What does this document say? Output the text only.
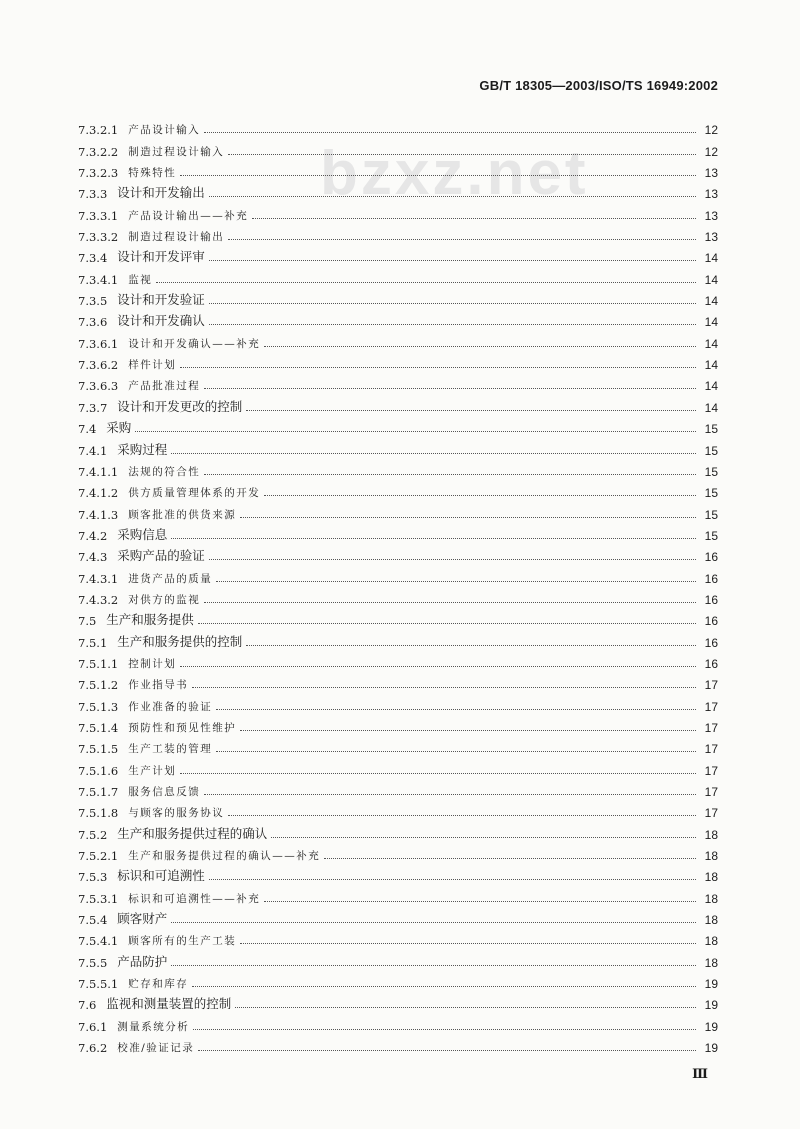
GB/T 18305—2003/ISO/TS 16949:2002
bzxz.net
7.3.2.1 产品设计输入	12
7.3.2.2 制造过程设计输入	12
7.3.2.3 特殊特性	13
7.3.3 设计和开发输出	13
7.3.3.1 产品设计输出——补充	13
7.3.3.2 制造过程设计输出	13
7.3.4 设计和开发评审	14
7.3.4.1 监视	14
7.3.5 设计和开发验证	14
7.3.6 设计和开发确认	14
7.3.6.1 设计和开发确认——补充	14
7.3.6.2 样件计划	14
7.3.6.3 产品批准过程	14
7.3.7 设计和开发更改的控制	14
7.4 采购	15
7.4.1 采购过程	15
7.4.1.1 法规的符合性	15
7.4.1.2 供方质量管理体系的开发	15
7.4.1.3 顾客批准的供货来源	15
7.4.2 采购信息	15
7.4.3 采购产品的验证	16
7.4.3.1 进货产品的质量	16
7.4.3.2 对供方的监视	16
7.5 生产和服务提供	16
7.5.1 生产和服务提供的控制	16
7.5.1.1 控制计划	16
7.5.1.2 作业指导书	17
7.5.1.3 作业准备的验证	17
7.5.1.4 预防性和预见性维护	17
7.5.1.5 生产工装的管理	17
7.5.1.6 生产计划	17
7.5.1.7 服务信息反馈	17
7.5.1.8 与顾客的服务协议	17
7.5.2 生产和服务提供过程的确认	18
7.5.2.1 生产和服务提供过程的确认——补充	18
7.5.3 标识和可追溯性	18
7.5.3.1 标识和可追溯性——补充	18
7.5.4 顾客财产	18
7.5.4.1 顾客所有的生产工装	18
7.5.5 产品防护	18
7.5.5.1 贮存和库存	19
7.6 监视和测量装置的控制	19
7.6.1 测量系统分析	19
7.6.2 校准/验证记录	19
Ⅲ
